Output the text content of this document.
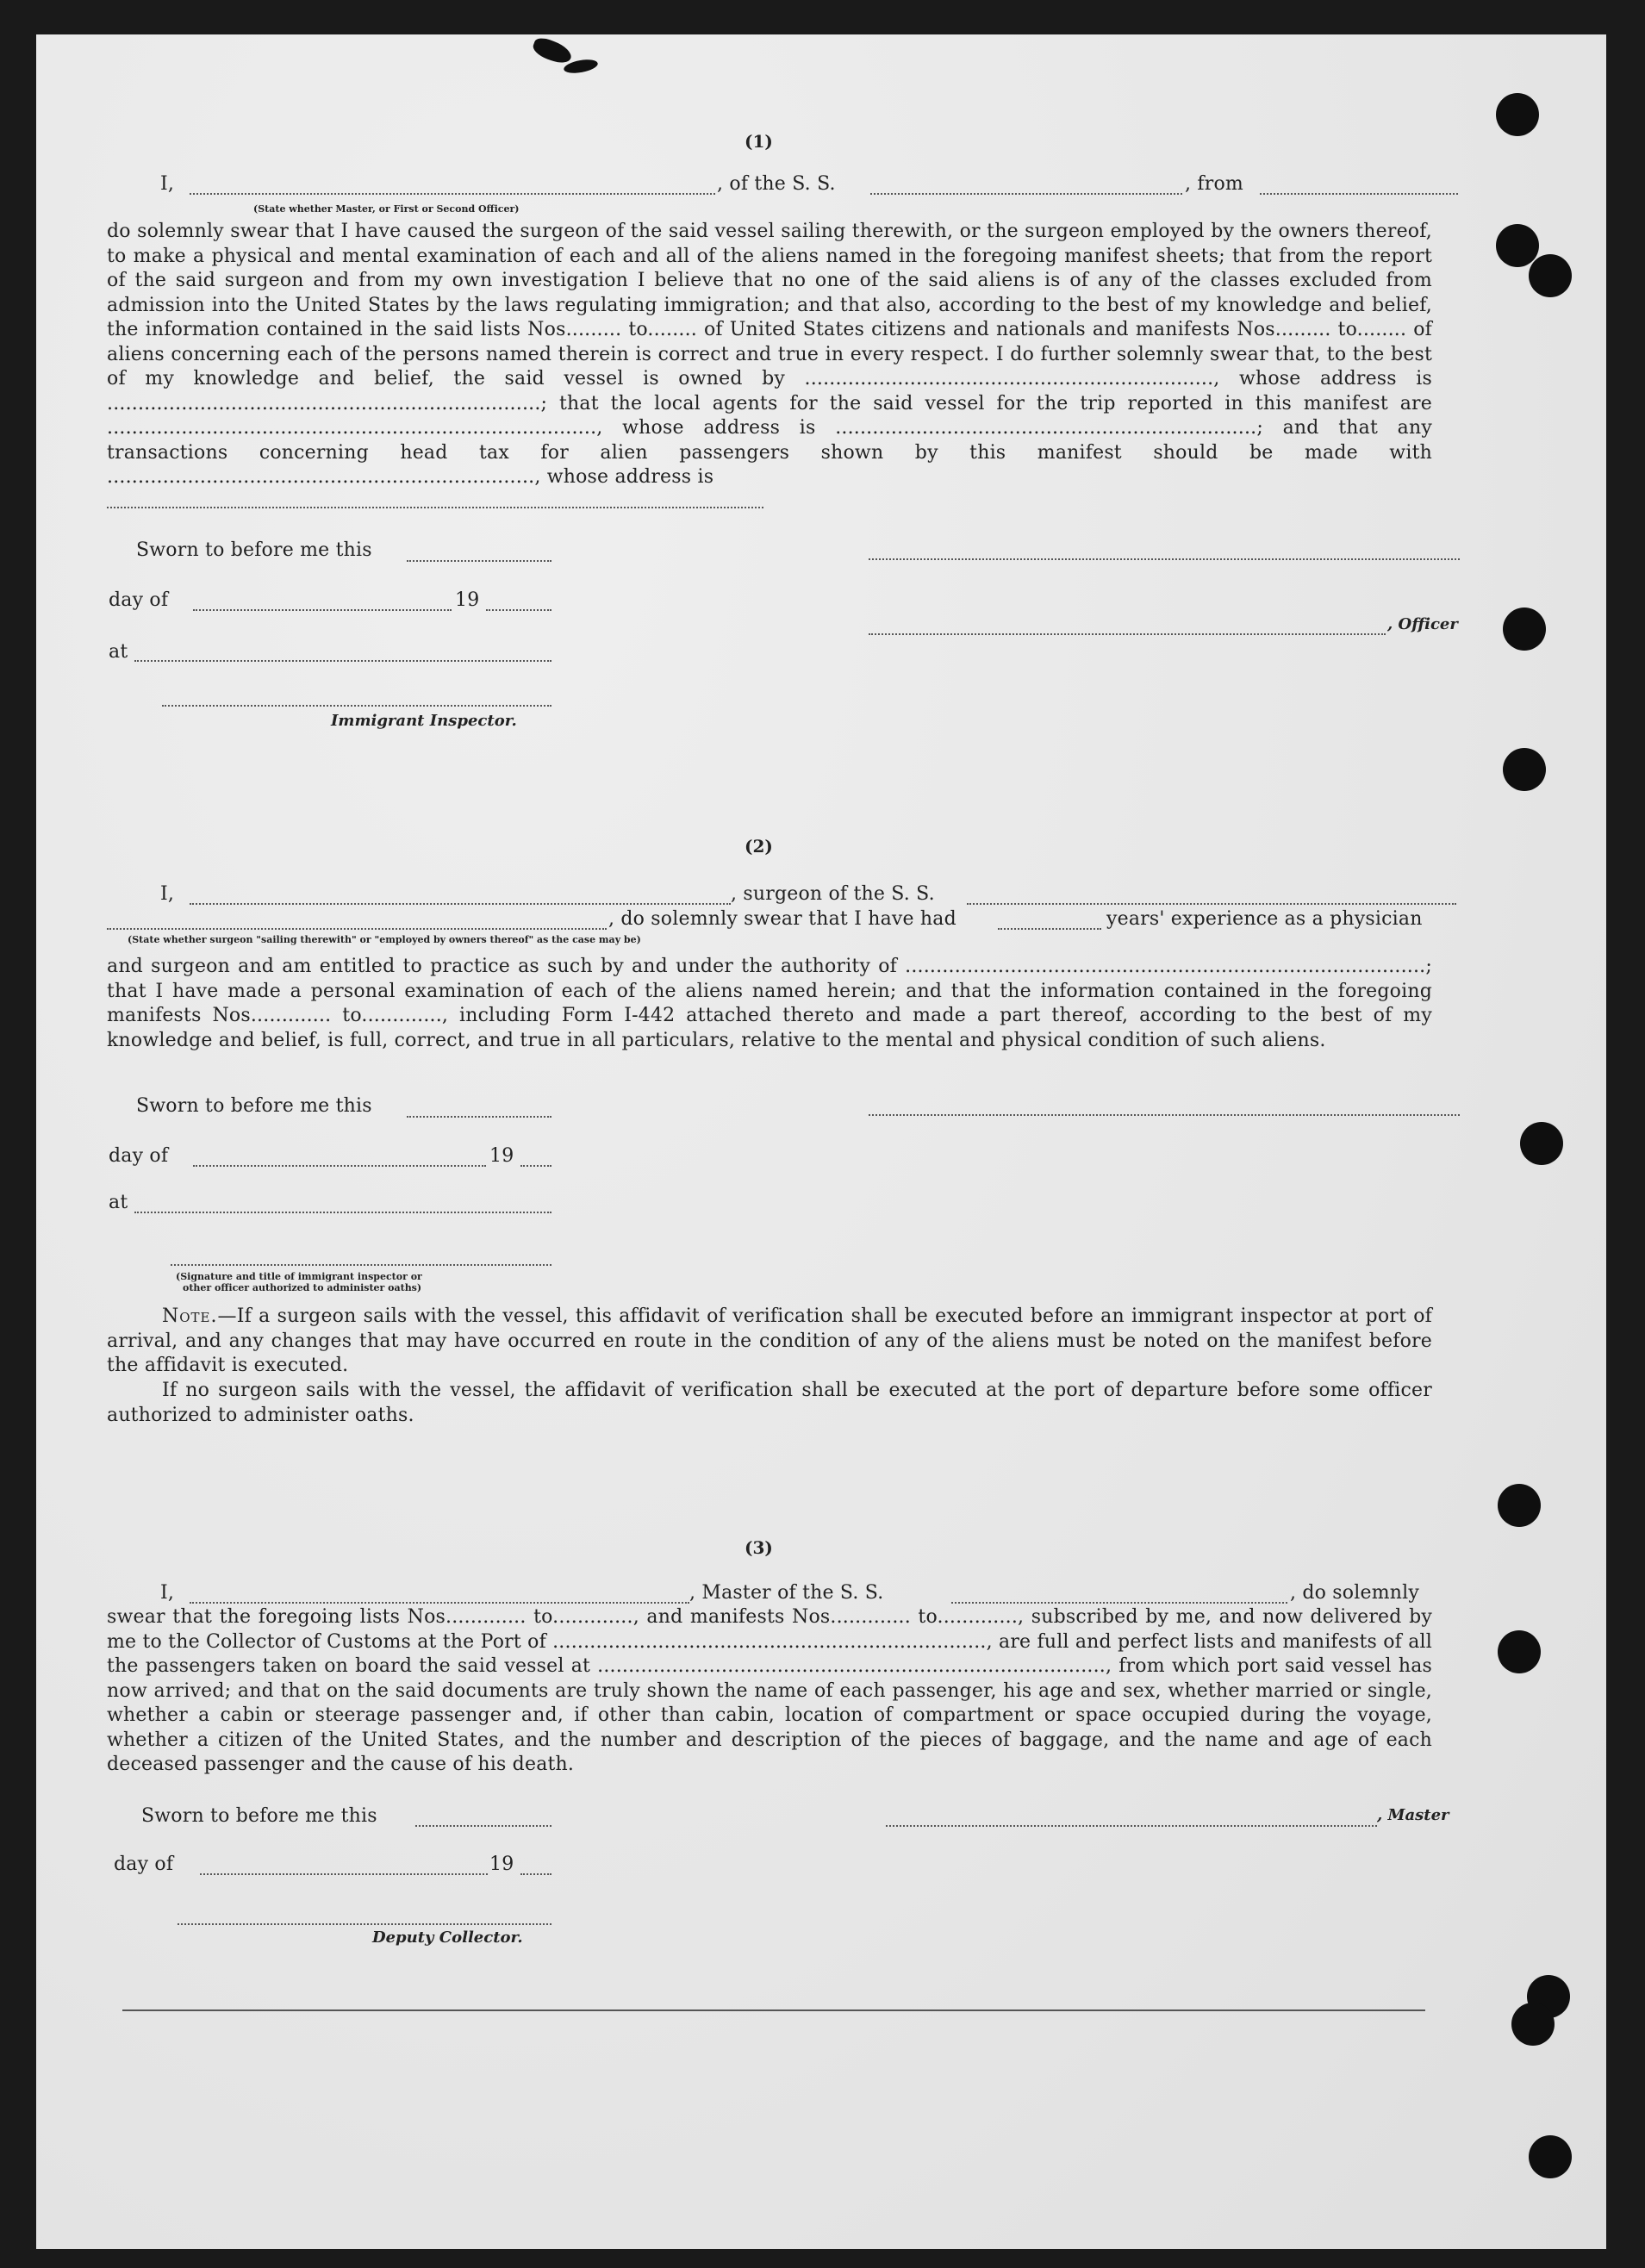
(1)
I,	, of the S. S.	, from
(State whether Master, or First or Second Officer)
do solemnly swear that I have caused the surgeon of the said vessel sailing therewith, or the surgeon employed by the owners thereof, to make a physical and mental examination of each and all of the aliens named in the foregoing manifest sheets; that from the report of the said surgeon and from my own investigation I believe that no one of the said aliens is of any of the classes excluded from admission into the United States by the laws regulating immigration; and that also, according to the best of my knowledge and belief, the information contained in the said lists Nos......... to........ of United States citizens and nationals and manifests Nos......... to........ of aliens concerning each of the persons named therein is correct and true in every respect. I do further solemnly swear that, to the best of my knowledge and belief, the said vessel is owned by .................................................................., whose address is ......................................................................; that the local agents for the said vessel for the trip reported in this manifest are ..............................................................................., whose address is ....................................................................; and that any transactions concerning head tax for alien passengers shown by this manifest should be made with ....................................................................., whose address is
Sworn to before me this
day of	19
, Officer
at
Immigrant Inspector.
(2)
I,	, surgeon of the S. S.
, do solemnly swear that I have had	years' experience as a physician
(State whether surgeon "sailing therewith" or "employed by owners thereof" as the case may be)
and surgeon and am entitled to practice as such by and under the authority of ....................................................................................; that I have made a personal examination of each of the aliens named herein; and that the information contained in the foregoing manifests Nos............. to............., including Form I-442 attached thereto and made a part thereof, according to the best of my knowledge and belief, is full, correct, and true in all particulars, relative to the mental and physical condition of such aliens.
Sworn to before me this
day of	19
at
(Signature and title of immigrant inspector or
other officer authorized to administer oaths)
Note.—If a surgeon sails with the vessel, this affidavit of verification shall be executed before an immigrant inspector at port of arrival, and any changes that may have occurred en route in the condition of any of the aliens must be noted on the manifest before the affidavit is executed.
If no surgeon sails with the vessel, the affidavit of verification shall be executed at the port of departure before some officer authorized to administer oaths.
(3)
I,	, Master of the S. S.	, do solemnly
swear that the foregoing lists Nos............. to............., and manifests Nos............. to............., subscribed by me, and now delivered by me to the Collector of Customs at the Port of ......................................................................, are full and perfect lists and manifests of all the passengers taken on board the said vessel at .................................................................................., from which port said vessel has now arrived; and that on the said documents are truly shown the name of each passenger, his age and sex, whether married or single, whether a cabin or steerage passenger and, if other than cabin, location of compartment or space occupied during the voyage, whether a citizen of the United States, and the number and description of the pieces of baggage, and the name and age of each deceased passenger and the cause of his death.
Sworn to before me this	, Master
day of	19
Deputy Collector.
